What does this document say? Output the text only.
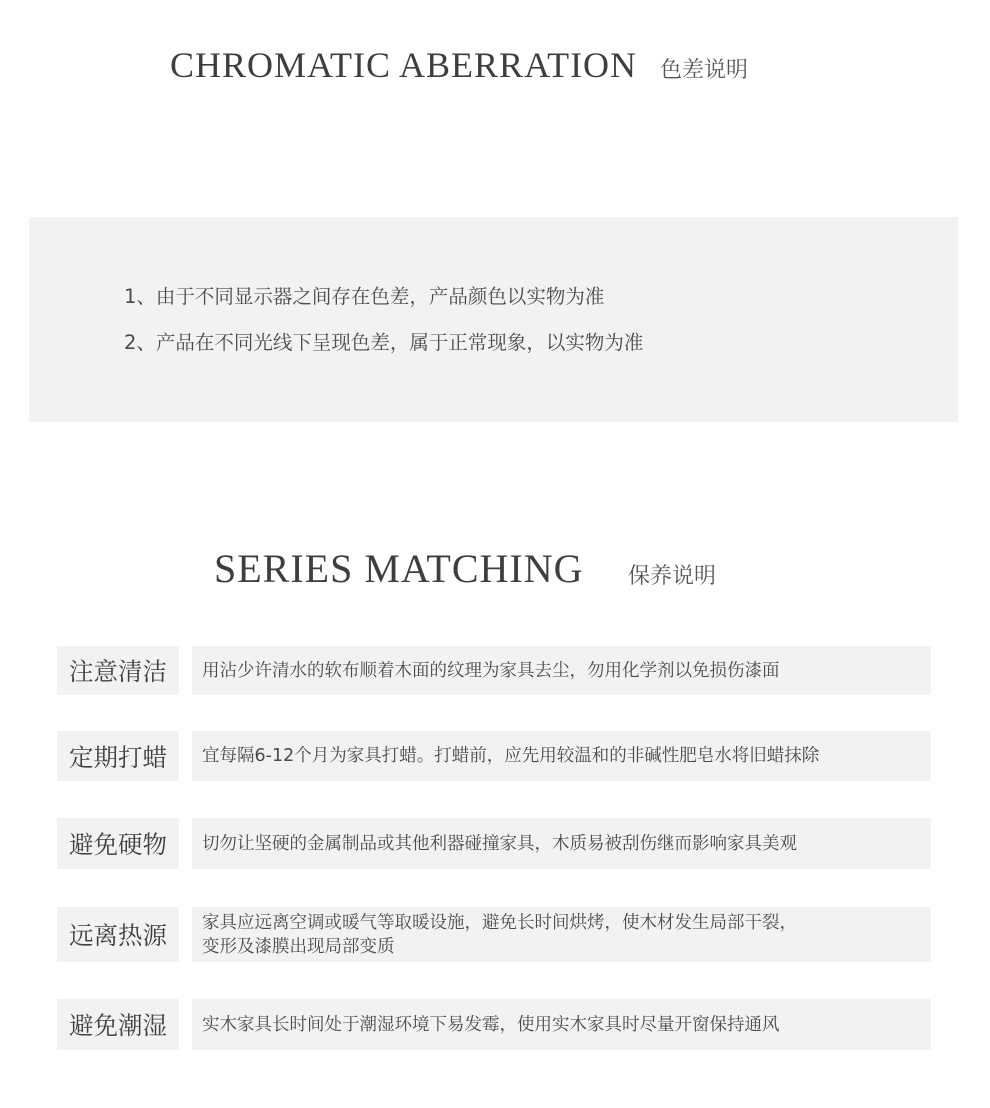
CHROMATIC ABERRATION 色差说明
1、由于不同显示器之间存在色差，产品颜色以实物为准
2、产品在不同光线下呈现色差，属于正常现象，以实物为准
SERIES MATCHING 保养说明
注意清洁	用沾少许清水的软布顺着木面的纹理为家具去尘，勿用化学剂以免损伤漆面
定期打蜡	宜每隔6-12个月为家具打蜡。打蜡前，应先用较温和的非碱性肥皂水将旧蜡抹除
避免硬物	切勿让坚硬的金属制品或其他利器碰撞家具，木质易被刮伤继而影响家具美观
远离热源	家具应远离空调或暖气等取暖设施，避免长时间烘烤，使木材发生局部干裂，
变形及漆膜出现局部变质
避免潮湿	实木家具长时间处于潮湿环境下易发霉，使用实木家具时尽量开窗保持通风
